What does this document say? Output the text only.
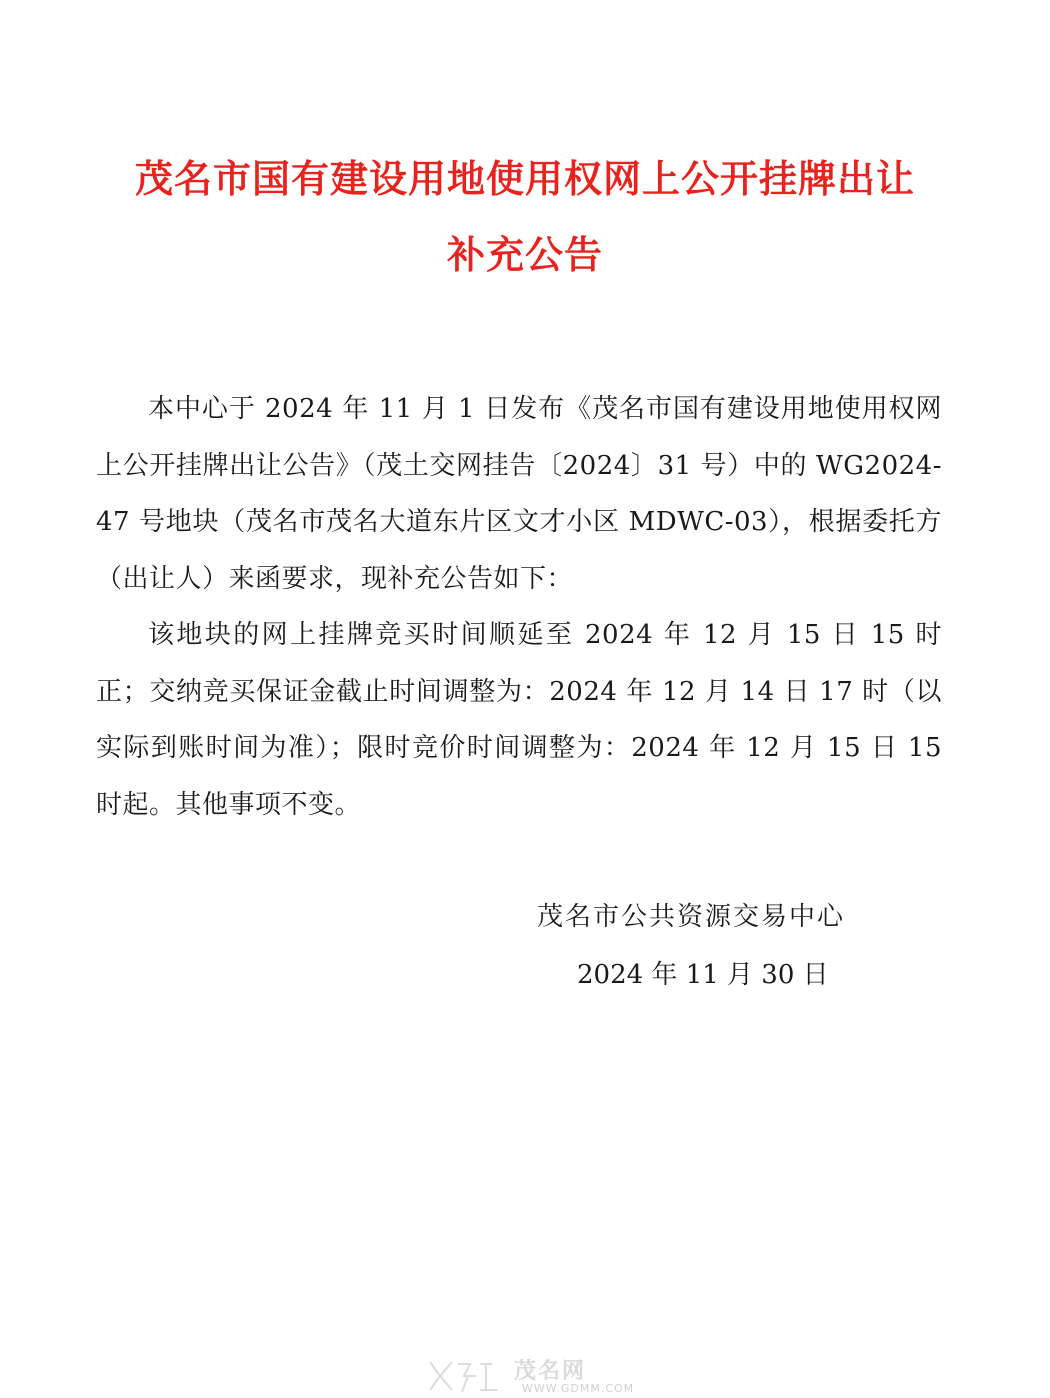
茂名市国有建设用地使用权网上公开挂牌出让
补充公告
本中心于 2024 年 11 月 1 日发布《茂名市国有建设用地使用权网上公开挂牌出让公告》（茂土交网挂告〔2024〕31 号）中的 WG2024-47 号地块（茂名市茂名大道东片区文才小区 MDWC-03），根据委托方（出让人）来函要求，现补充公告如下：
该地块的网上挂牌竞买时间顺延至 2024 年 12 月 15 日 15 时正；交纳竞买保证金截止时间调整为：2024 年 12 月 14 日 17 时（以实际到账时间为准）；限时竞价时间调整为：2024 年 12 月 15 日 15 时起。其他事项不变。
茂名市公共资源交易中心
2024 年 11 月 30 日
茂名网
WWW.GDMM.COM
